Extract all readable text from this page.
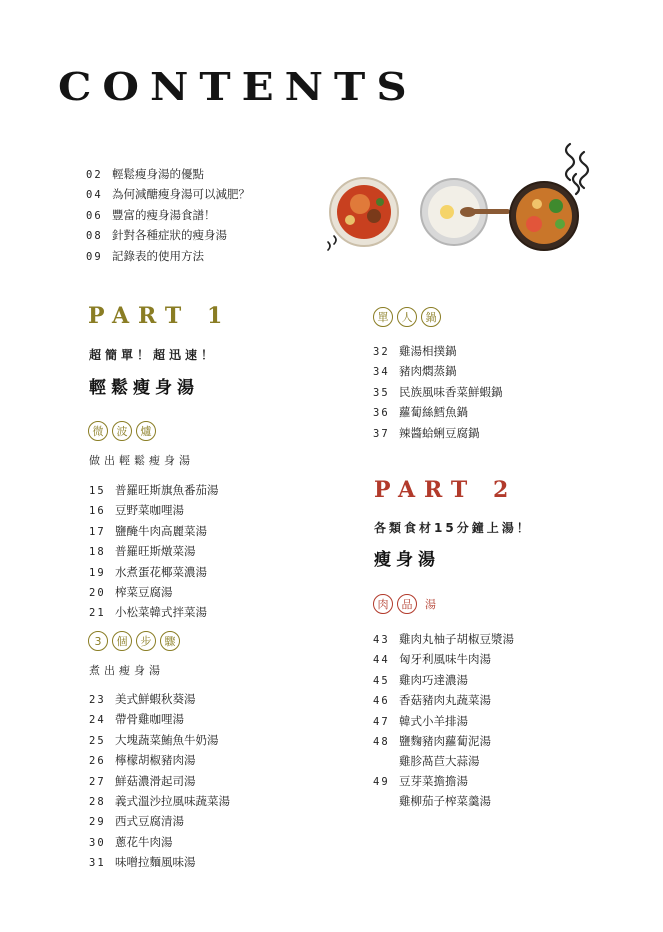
CONTENTS
02 輕鬆瘦身湯的優點
04 為何減醣瘦身湯可以減肥？
06 豐富的瘦身湯食譜！
08 針對各種症狀的瘦身湯
09 記錄表的使用方法
PART 1
超簡單！超迅速！
輕鬆瘦身湯
微	波	爐
做出輕鬆瘦身湯
15 普羅旺斯旗魚番茄湯
16 豆野菜咖哩湯
17 鹽醃牛肉高麗菜湯
18 普羅旺斯燉菜湯
19 水煮蛋花椰菜濃湯
20 榨菜豆腐湯
21 小松菜韓式拌菜湯
3	個	步	驟
煮出瘦身湯
23 美式鮮蝦秋葵湯
24 帶骨雞咖哩湯
25 大塊蔬菜鮪魚牛奶湯
26 檸檬胡椒豬肉湯
27 鮮菇濃滑起司湯
28 義式溫沙拉風味蔬菜湯
29 西式豆腐清湯
30 蔥花牛肉湯
31 味噌拉麵風味湯
單	人	鍋
32 雞湯相撲鍋
34 豬肉燜蒸鍋
35 民族風味香菜鮮蝦鍋
36 蘿蔔絲鱈魚鍋
37 辣醬蛤蜊豆腐鍋
PART 2
各類食材15分鐘上湯！
瘦身湯
肉	品	湯
43 雞肉丸柚子胡椒豆漿湯
44 匈牙利風味牛肉湯
45 雞肉巧達濃湯
46 香菇豬肉丸蔬菜湯
47 韓式小羊排湯
48 鹽麴豬肉蘿蔔泥湯
雞胗萵苣大蒜湯
49 豆芽菜擔擔湯
雞柳茄子榨菜羹湯
